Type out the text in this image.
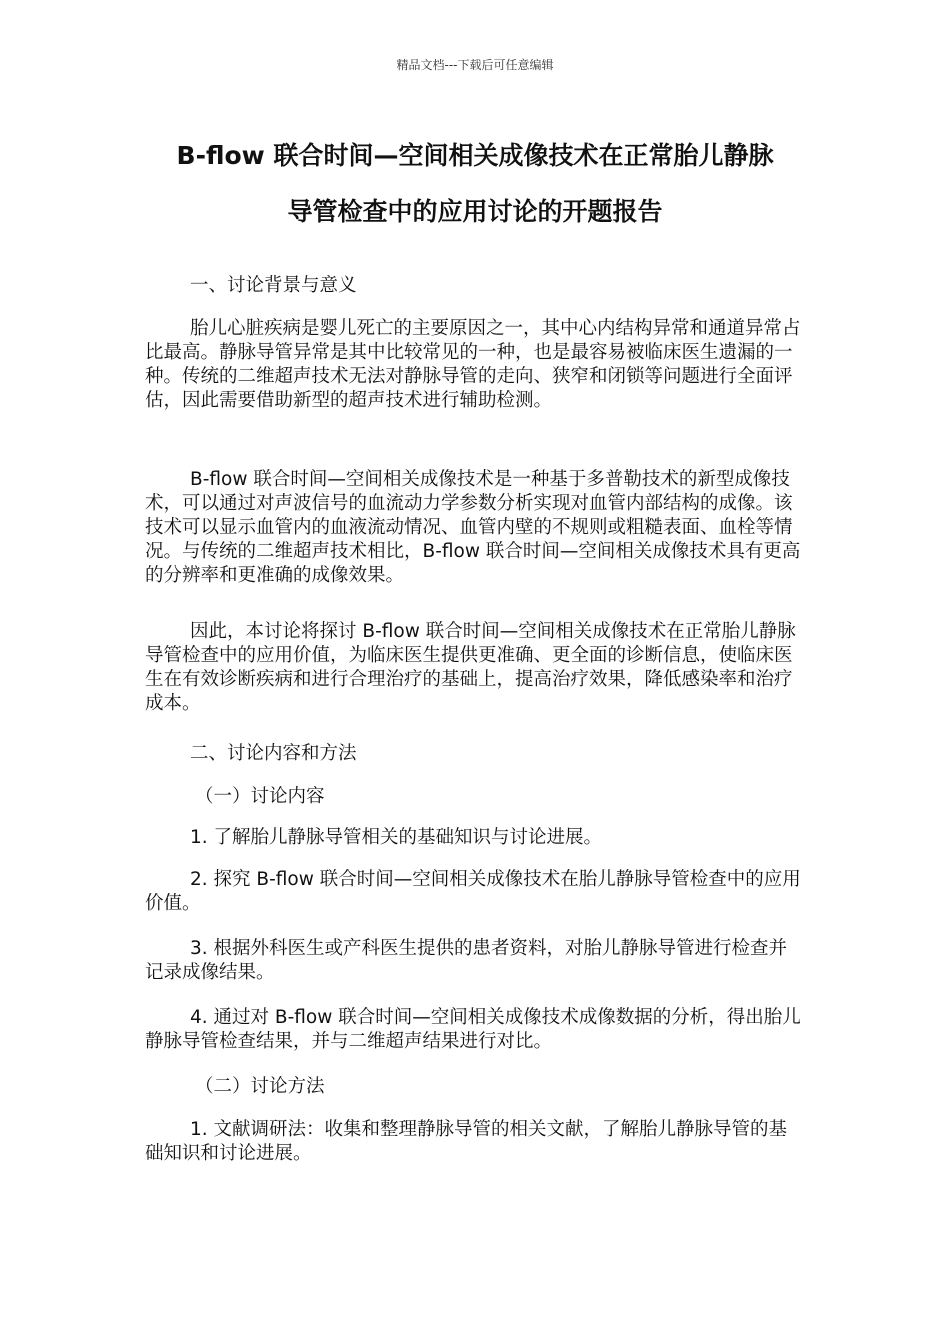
精品文档---下载后可任意编辑
B-flow 联合时间—空间相关成像技术在正常胎儿静脉
导管检查中的应用讨论的开题报告
一、讨论背景与意义
胎儿心脏疾病是婴儿死亡的主要原因之一，其中心内结构异常和通道异常占比最高。静脉导管异常是其中比较常见的一种，也是最容易被临床医生遗漏的一种。传统的二维超声技术无法对静脉导管的走向、狭窄和闭锁等问题进行全面评估，因此需要借助新型的超声技术进行辅助检测。
B-flow 联合时间—空间相关成像技术是一种基于多普勒技术的新型成像技术，可以通过对声波信号的血流动力学参数分析实现对血管内部结构的成像。该技术可以显示血管内的血液流动情况、血管内壁的不规则或粗糙表面、血栓等情况。与传统的二维超声技术相比，B-flow 联合时间—空间相关成像技术具有更高的分辨率和更准确的成像效果。
因此，本讨论将探讨 B-flow 联合时间—空间相关成像技术在正常胎儿静脉导管检查中的应用价值，为临床医生提供更准确、更全面的诊断信息，使临床医生在有效诊断疾病和进行合理治疗的基础上，提高治疗效果，降低感染率和治疗成本。
二、讨论内容和方法
（一）讨论内容
1. 了解胎儿静脉导管相关的基础知识与讨论进展。
2. 探究 B-flow 联合时间—空间相关成像技术在胎儿静脉导管检查中的应用价值。
3. 根据外科医生或产科医生提供的患者资料，对胎儿静脉导管进行检查并记录成像结果。
4. 通过对 B-flow 联合时间—空间相关成像技术成像数据的分析，得出胎儿静脉导管检查结果，并与二维超声结果进行对比。
（二）讨论方法
1. 文献调研法：收集和整理静脉导管的相关文献，了解胎儿静脉导管的基础知识和讨论进展。
